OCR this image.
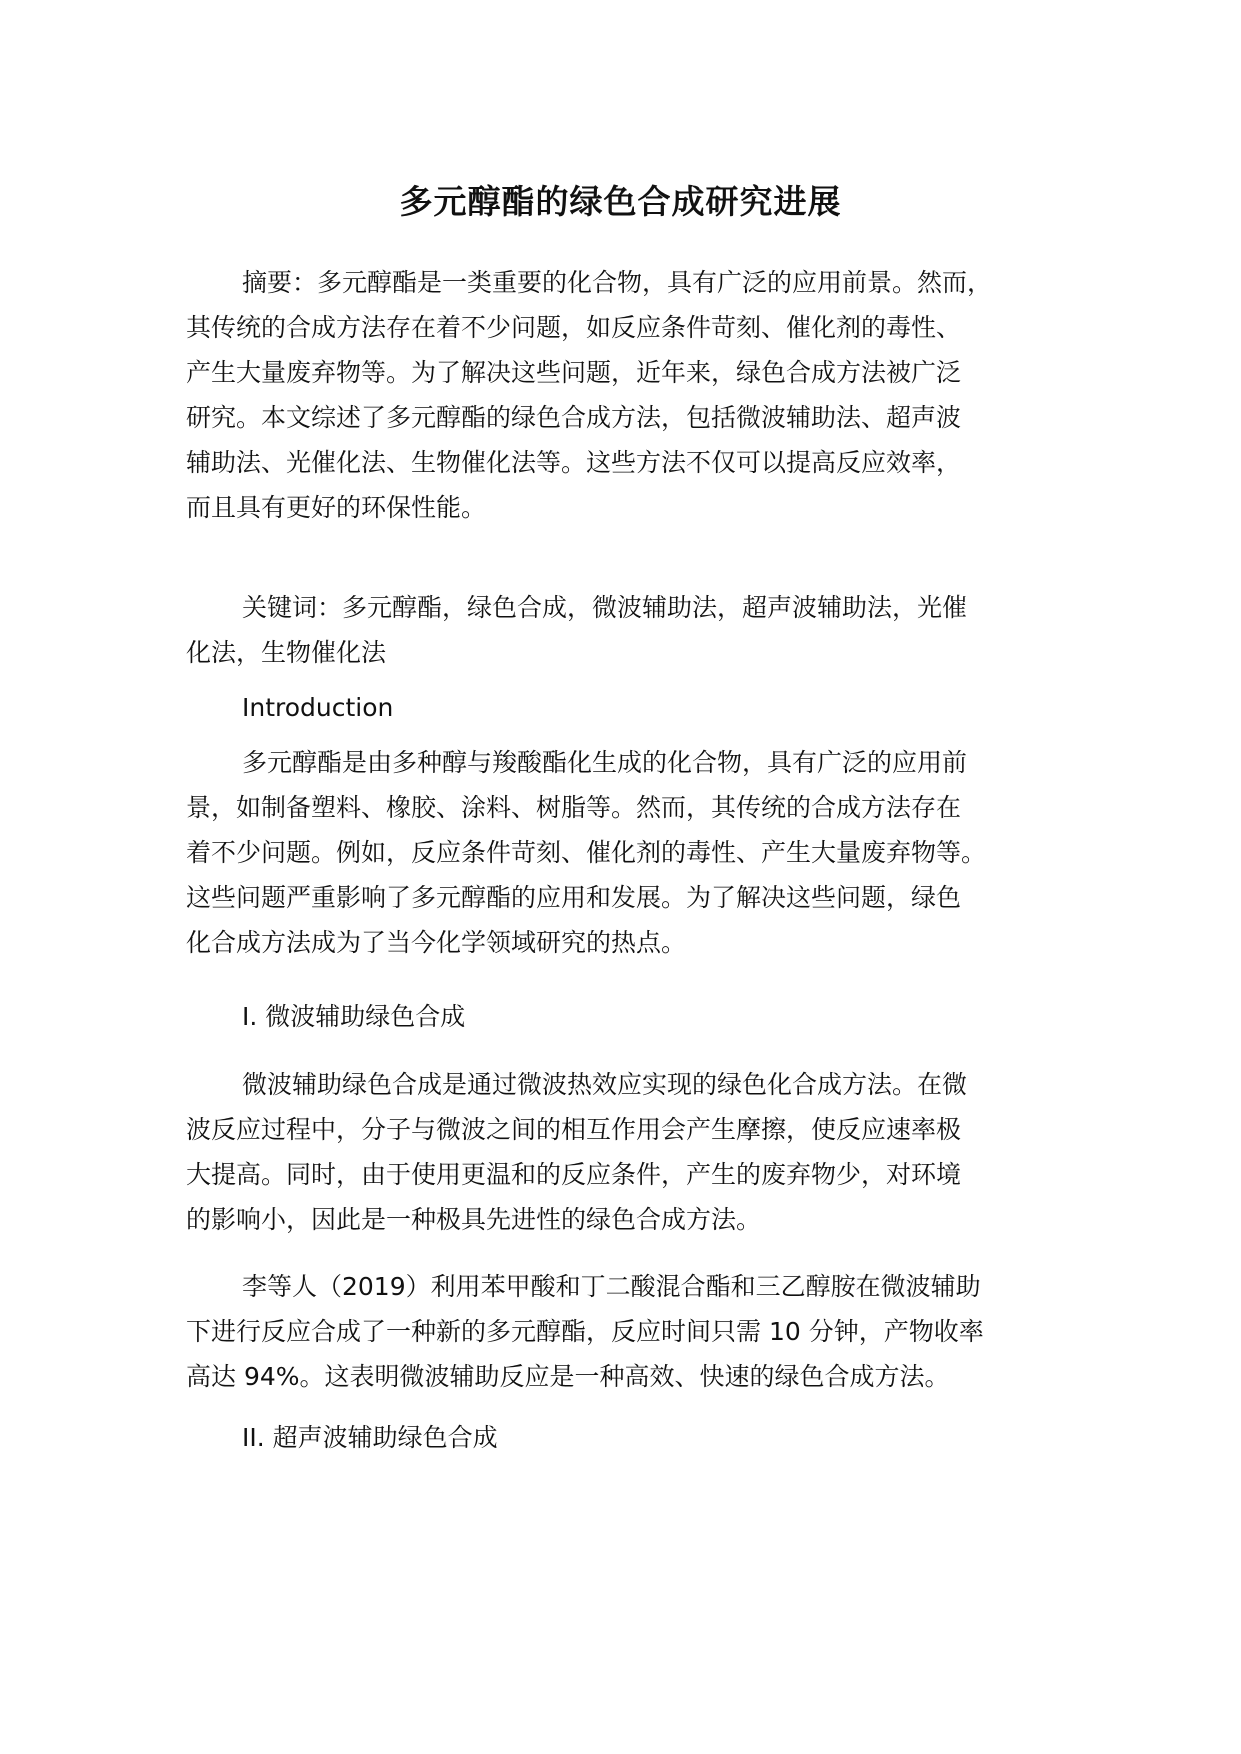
多元醇酯的绿色合成研究进展
摘要：多元醇酯是一类重要的化合物，具有广泛的应用前景。然而，
其传统的合成方法存在着不少问题，如反应条件苛刻、催化剂的毒性、
产生大量废弃物等。为了解决这些问题，近年来，绿色合成方法被广泛
研究。本文综述了多元醇酯的绿色合成方法，包括微波辅助法、超声波
辅助法、光催化法、生物催化法等。这些方法不仅可以提高反应效率，
而且具有更好的环保性能。
关键词：多元醇酯，绿色合成，微波辅助法，超声波辅助法，光催
化法，生物催化法
Introduction
多元醇酯是由多种醇与羧酸酯化生成的化合物，具有广泛的应用前
景，如制备塑料、橡胶、涂料、树脂等。然而，其传统的合成方法存在
着不少问题。例如，反应条件苛刻、催化剂的毒性、产生大量废弃物等。
这些问题严重影响了多元醇酯的应用和发展。为了解决这些问题，绿色
化合成方法成为了当今化学领域研究的热点。
I. 微波辅助绿色合成
微波辅助绿色合成是通过微波热效应实现的绿色化合成方法。在微
波反应过程中，分子与微波之间的相互作用会产生摩擦，使反应速率极
大提高。同时，由于使用更温和的反应条件，产生的废弃物少，对环境
的影响小，因此是一种极具先进性的绿色合成方法。
李等人（2019）利用苯甲酸和丁二酸混合酯和三乙醇胺在微波辅助
下进行反应合成了一种新的多元醇酯，反应时间只需 10 分钟，产物收率
高达 94%。这表明微波辅助反应是一种高效、快速的绿色合成方法。
II. 超声波辅助绿色合成
